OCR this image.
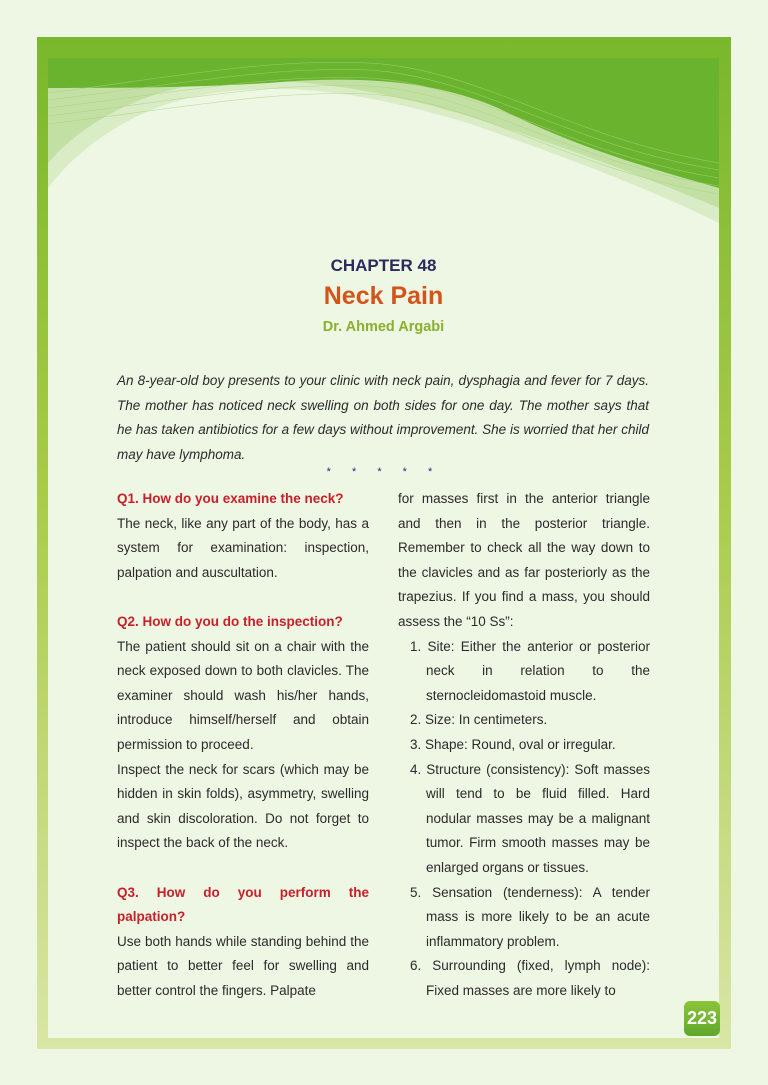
CHAPTER 48
Neck Pain
Dr. Ahmed Argabi
An 8-year-old boy presents to your clinic with neck pain, dysphagia and fever for 7 days. The mother has noticed neck swelling on both sides for one day. The mother says that he has taken antibiotics for a few days without improvement. She is worried that her child may have lymphoma.
* * * * *

Q1. How do you examine the neck?

The neck, like any part of the body, has a system for examination: inspection, palpation and auscultation.

Q2. How do you do the inspection?

The patient should sit on a chair with the neck exposed down to both clavicles. The examiner should wash his/her hands, introduce himself/herself and obtain permission to proceed.

Inspect the neck for scars (which may be hidden in skin folds), asymmetry, swelling and skin discoloration. Do not forget to inspect the back of the neck.

Q3. How do you perform the palpation?

Use both hands while standing behind the patient to better feel for swelling and better control the fingers. Palpate

for masses first in the anterior triangle and then in the posterior triangle. Remember to check all the way down to the clavicles and as far posteriorly as the trapezius. If you find a mass, you should assess the “10 Ss”:

1. Site: Either the anterior or posterior neck in relation to the sternocleidomastoid muscle.
2. Size: In centimeters.
3. Shape: Round, oval or irregular.
4. Structure (consistency): Soft masses will tend to be fluid filled. Hard nodular masses may be a malignant tumor. Firm smooth masses may be enlarged organs or tissues.
5. Sensation (tenderness): A tender mass is more likely to be an acute inflammatory problem.
6. Surrounding (fixed, lymph node): Fixed masses are more likely to
223
